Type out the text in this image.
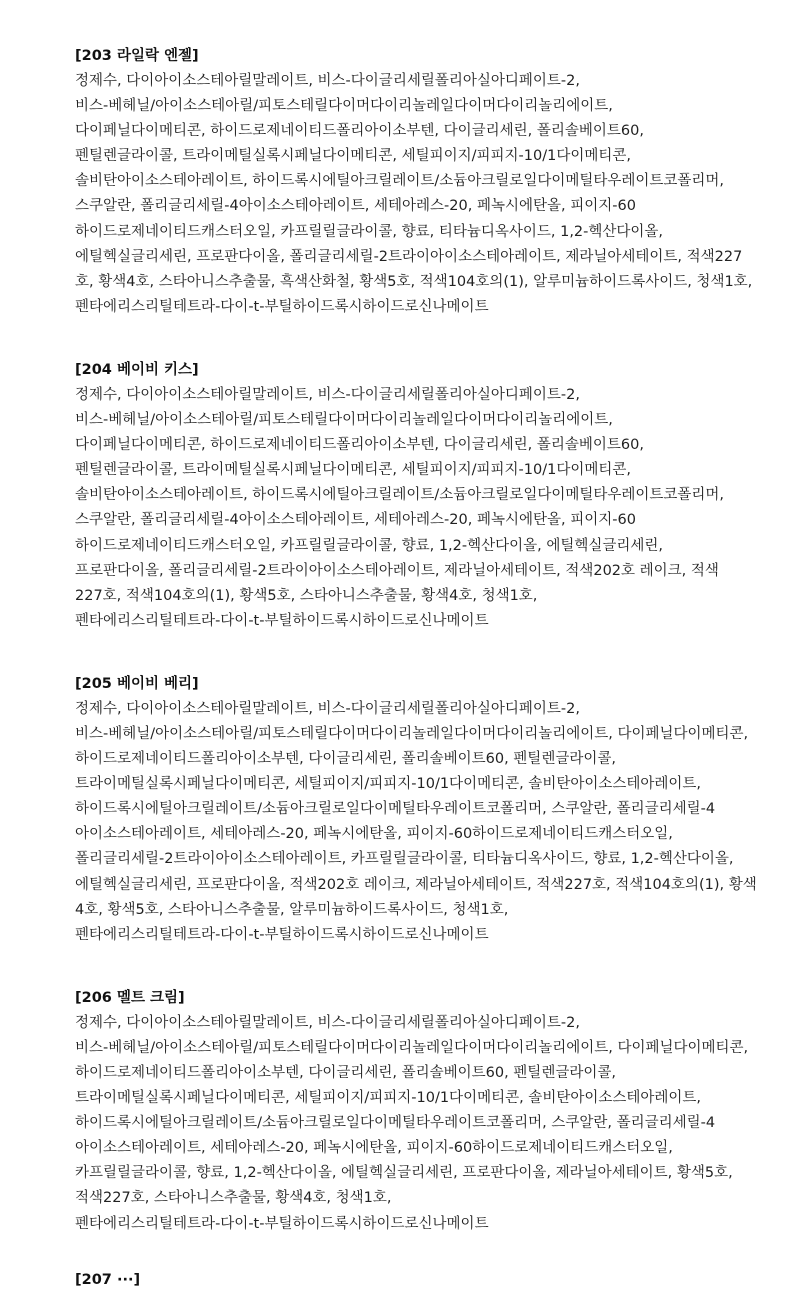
[203 라일락 엔젤]

정제수, 다이아이소스테아릴말레이트, 비스-다이글리세릴폴리아실아디페이트-2,

비스-베헤닐/아이소스테아릴/피토스테릴다이머다이리놀레일다이머다이리놀리에이트,

다이페닐다이메티콘, 하이드로제네이티드폴리아이소부텐, 다이글리세린, 폴리솔베이트60,

펜틸렌글라이콜, 트라이메틸실록시페닐다이메티콘, 세틸피이지/피피지-10/1다이메티콘,

솔비탄아이소스테아레이트, 하이드록시에틸아크릴레이트/소듐아크릴로일다이메틸타우레이트코폴리머,

스쿠알란, 폴리글리세릴-4아이소스테아레이트, 세테아레스-20, 페녹시에탄올, 피이지-60

하이드로제네이티드캐스터오일, 카프릴릴글라이콜, 향료, 티타늄디옥사이드, 1,2-헥산다이올,

에틸헥실글리세린, 프로판다이올, 폴리글리세릴-2트라이아이소스테아레이트, 제라닐아세테이트, 적색227

호, 황색4호, 스타아니스추출물, 흑색산화철, 황색5호, 적색104호의(1), 알루미늄하이드록사이드, 청색1호,

펜타에리스리틸테트라-다이-t-부틸하이드록시하이드로신나메이트

[204 베이비 키스]

정제수, 다이아이소스테아릴말레이트, 비스-다이글리세릴폴리아실아디페이트-2,

비스-베헤닐/아이소스테아릴/피토스테릴다이머다이리놀레일다이머다이리놀리에이트,

다이페닐다이메티콘, 하이드로제네이티드폴리아이소부텐, 다이글리세린, 폴리솔베이트60,

펜틸렌글라이콜, 트라이메틸실록시페닐다이메티콘, 세틸피이지/피피지-10/1다이메티콘,

솔비탄아이소스테아레이트, 하이드록시에틸아크릴레이트/소듐아크릴로일다이메틸타우레이트코폴리머,

스쿠알란, 폴리글리세릴-4아이소스테아레이트, 세테아레스-20, 페녹시에탄올, 피이지-60

하이드로제네이티드캐스터오일, 카프릴릴글라이콜, 향료, 1,2-헥산다이올, 에틸헥실글리세린,

프로판다이올, 폴리글리세릴-2트라이아이소스테아레이트, 제라닐아세테이트, 적색202호 레이크, 적색

227호, 적색104호의(1), 황색5호, 스타아니스추출물, 황색4호, 청색1호,

펜타에리스리틸테트라-다이-t-부틸하이드록시하이드로신나메이트

[205 베이비 베리]

정제수, 다이아이소스테아릴말레이트, 비스-다이글리세릴폴리아실아디페이트-2,

비스-베헤닐/아이소스테아릴/피토스테릴다이머다이리놀레일다이머다이리놀리에이트, 다이페닐다이메티콘,

하이드로제네이티드폴리아이소부텐, 다이글리세린, 폴리솔베이트60, 펜틸렌글라이콜,

트라이메틸실록시페닐다이메티콘, 세틸피이지/피피지-10/1다이메티콘, 솔비탄아이소스테아레이트,

하이드록시에틸아크릴레이트/소듐아크릴로일다이메틸타우레이트코폴리머, 스쿠알란, 폴리글리세릴-4

아이소스테아레이트, 세테아레스-20, 페녹시에탄올, 피이지-60하이드로제네이티드캐스터오일,

폴리글리세릴-2트라이아이소스테아레이트, 카프릴릴글라이콜, 티타늄디옥사이드, 향료, 1,2-헥산다이올,

에틸헥실글리세린, 프로판다이올, 적색202호 레이크, 제라닐아세테이트, 적색227호, 적색104호의(1), 황색

4호, 황색5호, 스타아니스추출물, 알루미늄하이드록사이드, 청색1호,

펜타에리스리틸테트라-다이-t-부틸하이드록시하이드로신나메이트

[206 멜트 크림]

정제수, 다이아이소스테아릴말레이트, 비스-다이글리세릴폴리아실아디페이트-2,

비스-베헤닐/아이소스테아릴/피토스테릴다이머다이리놀레일다이머다이리놀리에이트, 다이페닐다이메티콘,

하이드로제네이티드폴리아이소부텐, 다이글리세린, 폴리솔베이트60, 펜틸렌글라이콜,

트라이메틸실록시페닐다이메티콘, 세틸피이지/피피지-10/1다이메티콘, 솔비탄아이소스테아레이트,

하이드록시에틸아크릴레이트/소듐아크릴로일다이메틸타우레이트코폴리머, 스쿠알란, 폴리글리세릴-4

아이소스테아레이트, 세테아레스-20, 페녹시에탄올, 피이지-60하이드로제네이티드캐스터오일,

카프릴릴글라이콜, 향료, 1,2-헥산다이올, 에틸헥실글리세린, 프로판다이올, 제라닐아세테이트, 황색5호,

적색227호, 스타아니스추출물, 황색4호, 청색1호,

펜타에리스리틸테트라-다이-t-부틸하이드록시하이드로신나메이트

[207 ···]
